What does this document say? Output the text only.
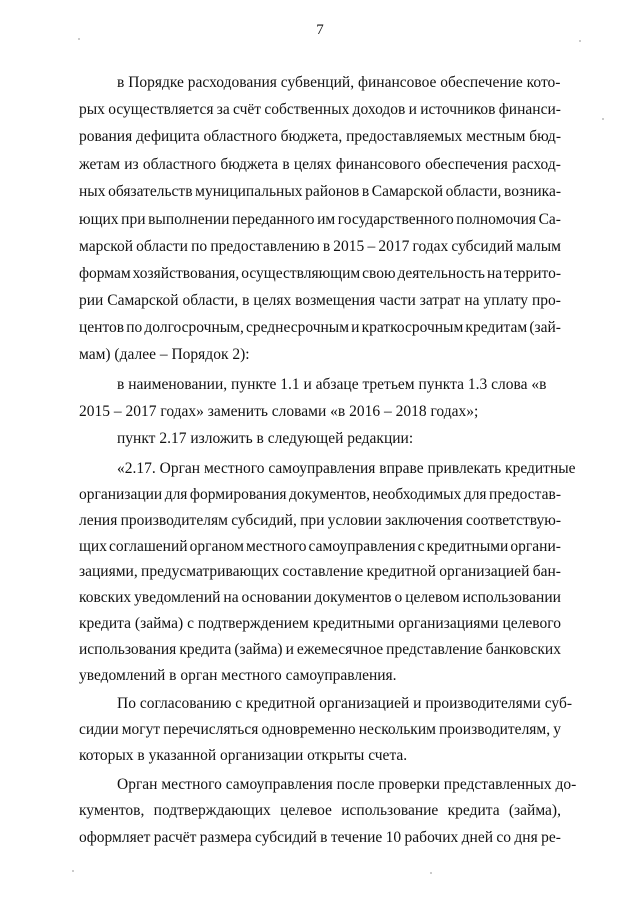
7
в Порядке расходования субвенций, финансовое обеспечение кото-
рых осуществляется за счёт собственных доходов и источников финанси-
рования дефицита областного бюджета, предоставляемых местным бюд-
жетам из областного бюджета в целях финансового обеспечения расход-
ных обязательств муниципальных районов в Самарской области, возника-
ющих при выполнении переданного им государственного полномочия Са-
марской области по предоставлению в 2015 – 2017 годах субсидий малым
формам хозяйствования, осуществляющим свою деятельность на террито-
рии Самарской области, в целях возмещения части затрат на уплату про-
центов по долгосрочным, среднесрочным и краткосрочным кредитам (зай-
мам) (далее – Порядок 2):
в наименовании, пункте 1.1 и абзаце третьем пункта 1.3 слова «в
2015 – 2017 годах» заменить словами «в 2016 – 2018 годах»;
пункт 2.17 изложить в следующей редакции:
«2.17. Орган местного самоуправления вправе привлекать кредитные
организации для формирования документов, необходимых для предостав-
ления производителям субсидий, при условии заключения соответствую-
щих соглашений органом местного самоуправления с кредитными органи-
зациями, предусматривающих составление кредитной организацией бан-
ковских уведомлений на основании документов о целевом использовании
кредита (займа) с подтверждением кредитными организациями целевого
использования кредита (займа) и ежемесячное представление банковских
уведомлений в орган местного самоуправления.
По согласованию с кредитной организацией и производителями суб-
сидии могут перечисляться одновременно нескольким производителям, у
которых в указанной организации открыты счета.
Орган местного самоуправления после проверки представленных до-
кументов, подтверждающих целевое использование кредита (займа),
оформляет расчёт размера субсидий в течение 10 рабочих дней со дня ре-
